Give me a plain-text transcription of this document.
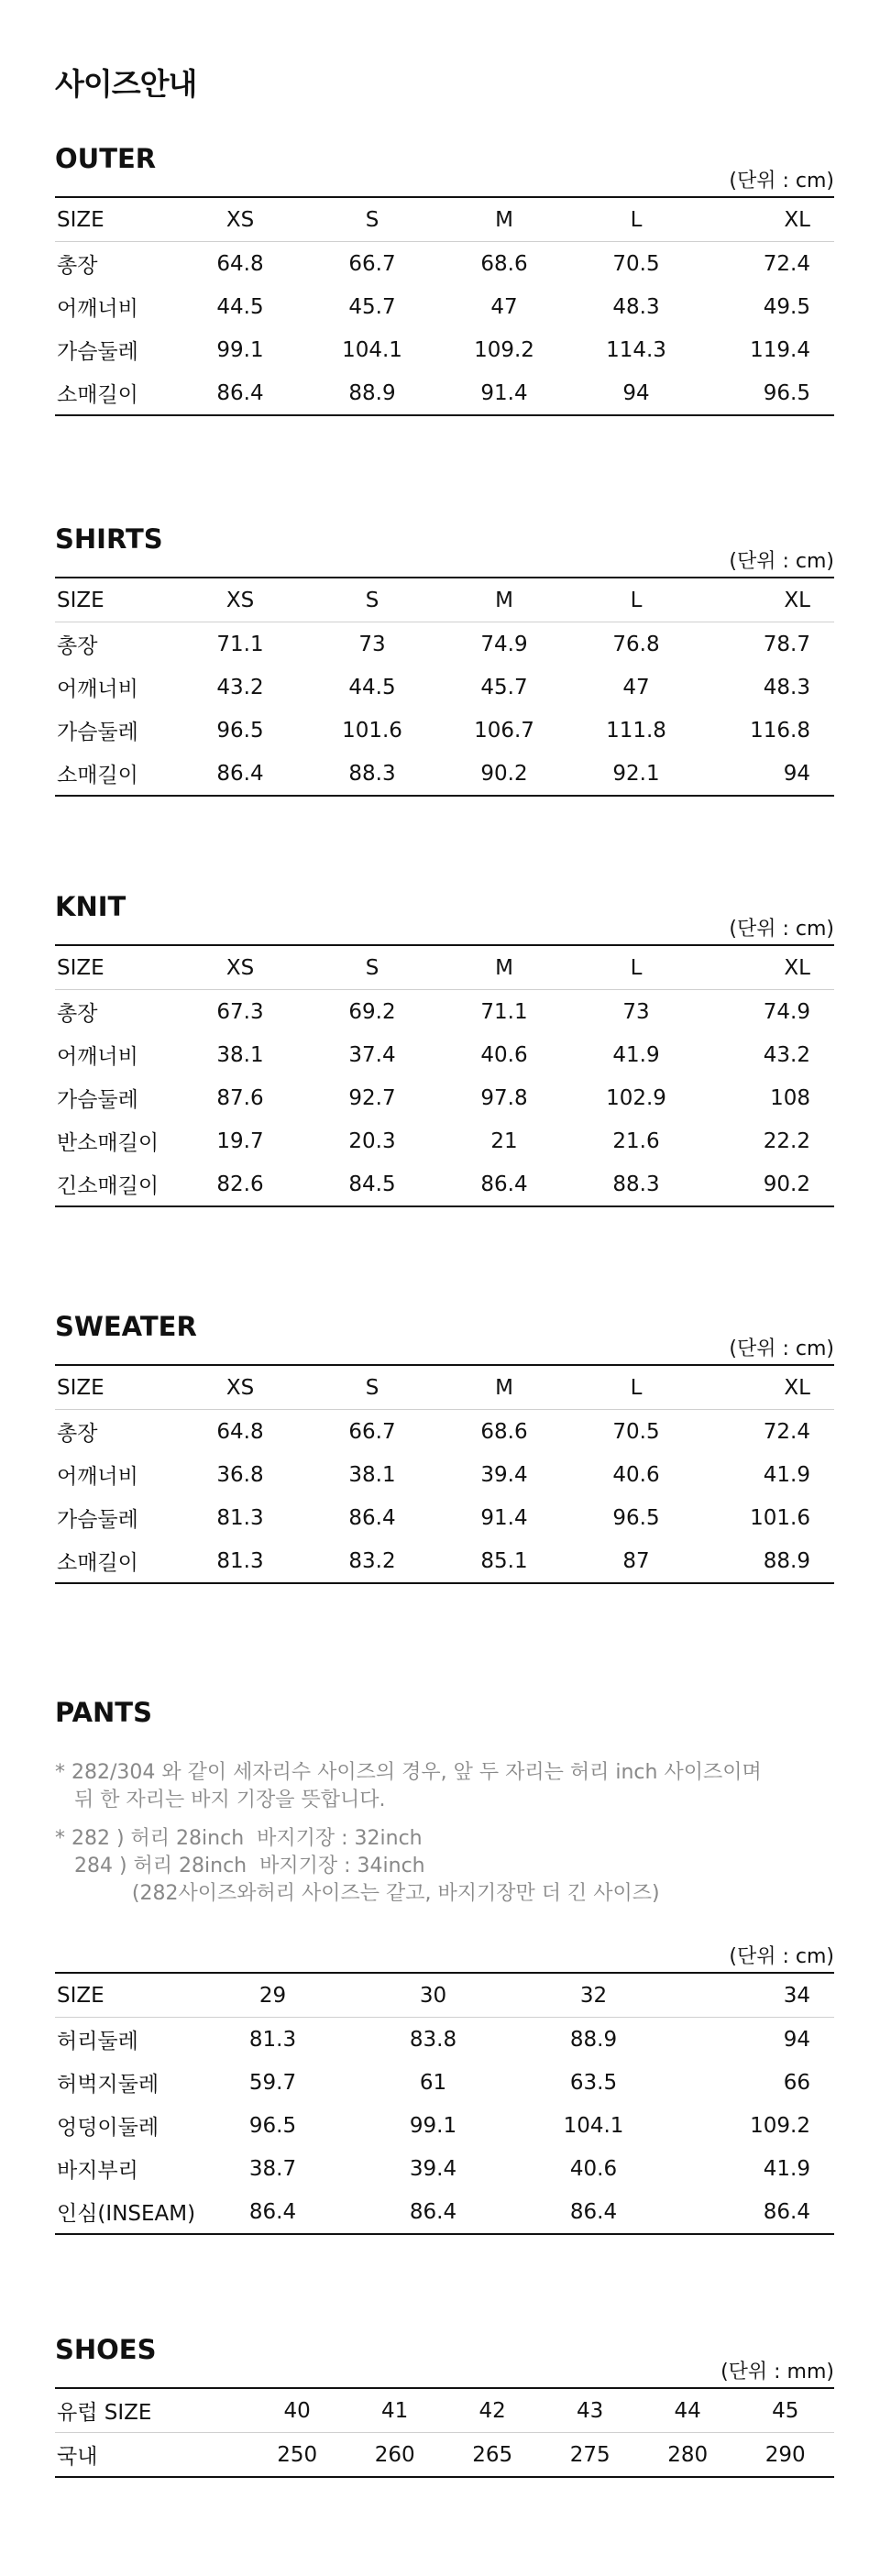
사이즈안내
OUTER
(단위 : cm)
SIZE	XS	S	M	L	XL
총장	64.8	66.7	68.6	70.5	72.4
어깨너비	44.5	45.7	47	48.3	49.5
가슴둘레	99.1	104.1	109.2	114.3	119.4
소매길이	86.4	88.9	91.4	94	96.5
SHIRTS
(단위 : cm)
SIZE	XS	S	M	L	XL
총장	71.1	73	74.9	76.8	78.7
어깨너비	43.2	44.5	45.7	47	48.3
가슴둘레	96.5	101.6	106.7	111.8	116.8
소매길이	86.4	88.3	90.2	92.1	94
KNIT
(단위 : cm)
SIZE	XS	S	M	L	XL
총장	67.3	69.2	71.1	73	74.9
어깨너비	38.1	37.4	40.6	41.9	43.2
가슴둘레	87.6	92.7	97.8	102.9	108
반소매길이	19.7	20.3	21	21.6	22.2
긴소매길이	82.6	84.5	86.4	88.3	90.2
SWEATER
(단위 : cm)
SIZE	XS	S	M	L	XL
총장	64.8	66.7	68.6	70.5	72.4
어깨너비	36.8	38.1	39.4	40.6	41.9
가슴둘레	81.3	86.4	91.4	96.5	101.6
소매길이	81.3	83.2	85.1	87	88.9
PANTS
* 282/304 와 같이 세자리수 사이즈의 경우, 앞 두 자리는 허리 inch 사이즈이며
뒤 한 자리는 바지 기장을 뜻합니다.
* 282 ) 허리 28inch  바지기장 : 32inch
284 ) 허리 28inch  바지기장 : 34inch
(282사이즈와허리 사이즈는 같고, 바지기장만 더 긴 사이즈)
(단위 : cm)
SIZE	29	30	32	34
허리둘레	81.3	83.8	88.9	94
허벅지둘레	59.7	61	63.5	66
엉덩이둘레	96.5	99.1	104.1	109.2
바지부리	38.7	39.4	40.6	41.9
인심(INSEAM)	86.4	86.4	86.4	86.4
SHOES
(단위 : mm)
유럽 SIZE	40	41	42	43	44	45	
국내	250	260	265	275	280	290	
